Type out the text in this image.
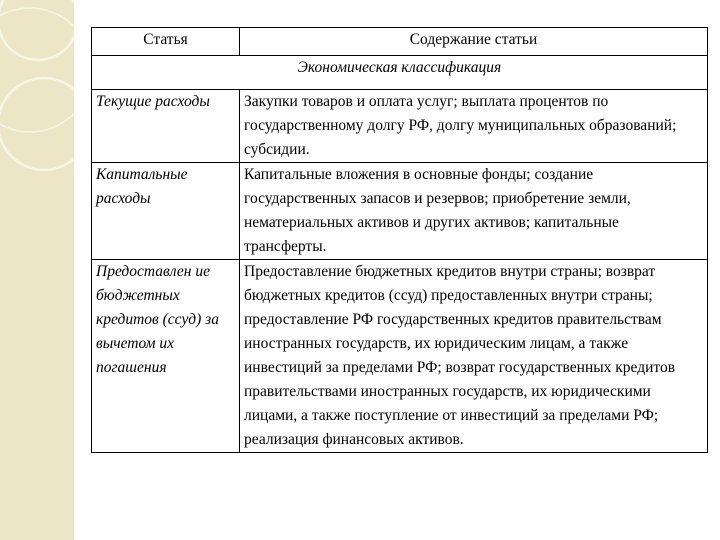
Статья	Содержание статьи
Экономическая классификация	
Текущие расходы	Закупки товаров и оплата услуг; выплата процентов по государственному долгу РФ, долгу муниципальных образований; субсидии.
Капитальные расходы	Капитальные вложения в основные фонды; создание государственных запасов и резервов; приобретение земли, нематериальных активов и других активов; капитальные трансферты.
Предоставлен ие бюджетных кредитов (ссуд) за вычетом их погашения	Предоставление бюджетных кредитов внутри страны; возврат бюджетных кредитов (ссуд) предоставленных внутри страны; предоставление РФ государственных кредитов правительствам иностранных государств, их юридическим лицам, а также инвестиций за пределами РФ; возврат государственных кредитов правительствами иностранных государств, их юридическими лицами, а также поступление от инвестиций за пределами РФ; реализация финансовых активов.
